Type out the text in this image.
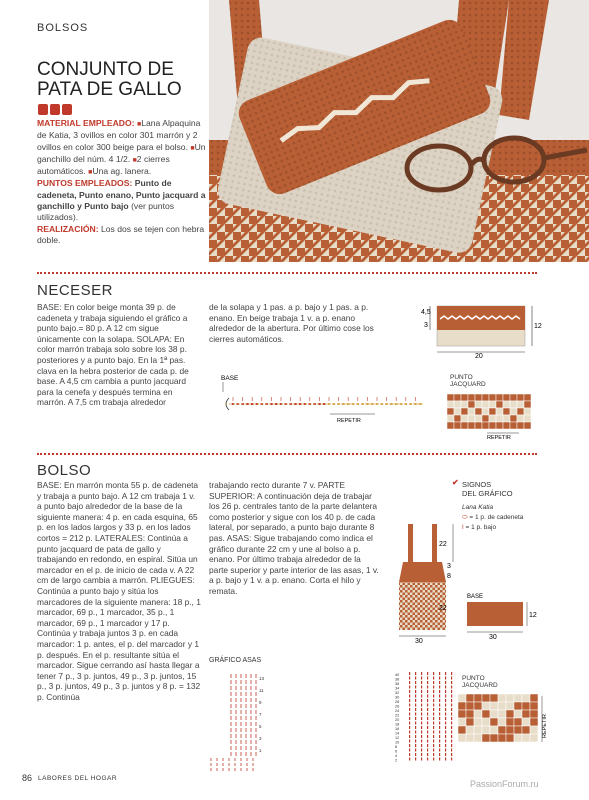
BOLSOS
CONJUNTO DE
PATA DE GALLO
MATERIAL EMPLEADO: ■Lana Alpaquina de Katia, 3 ovillos en color 301 marrón y 2 ovillos en color 300 beige para el bolso. ■Un ganchillo del núm. 4 1/2. ■2 cierres automáticos. ■Una ag. lanera.
PUNTOS EMPLEADOS: Punto de cadeneta, Punto enano, Punto jacquard a ganchillo y Punto bajo (ver puntos utilizados).
REALIZACIÓN: Los dos se tejen con hebra doble.
NECESER
BASE: En color beige monta 39 p. de cadeneta y trabaja siguiendo el gráfico a punto bajo.= 80 p. A 12 cm sigue únicamente con la solapa. SOLAPA: En color marrón trabaja solo sobre los 38 p. posteriores y a punto bajo. En la 1ª pas. clava en la hebra posterior de cada p. de base. A 4,5 cm cambia a punto jacquard para la cenefa y después termina en marrón. A 7,5 cm trabaja alrededor
de la solapa y 1 pas. a p. bajo y 1 pas. a p. enano. En beige trabaja 1 v. a p. enano alrededor de la abertura. Por último cose los cierres automáticos.
4,5
3	12
20
BASE
REPETIR
PUNTO
JACQUARD
REPETIR
BOLSO
BASE: En marrón monta 55 p. de cadeneta y trabaja a punto bajo. A 12 cm trabaja 1 v. a punto bajo alrededor de la base de la siguiente manera: 4 p. en cada esquina, 65 p. en los lados largos y 33 p. en los lados cortos = 212 p. LATERALES: Continúa a punto jacquard de pata de gallo y trabajando en redondo, en espiral. Sitúa un marcador en el p. de inicio de cada v. A 22 cm de largo cambia a marrón. PLIEGUES: Continúa a punto bajo y sitúa los marcadores de la siguiente manera: 18 p., 1 marcador, 69 p., 1 marcador, 35 p., 1 marcador, 69 p., 1 marcador y 17 p. Continúa y trabaja juntos 3 p. en cada marcador: 1 p. antes, el p. del marcador y 1 p. después. En el p. resultante sitúa el marcador. Sigue cerrando así hasta llegar a tener 7 p., 3 p. juntos, 49 p., 3 p. juntos, 15 p., 3 p. juntos, 49 p., 3 p. juntos y 8 p. = 132 p. Continúa
trabajando recto durante 7 v. PARTE SUPERIOR: A continuación deja de trabajar los 26 p. centrales tanto de la parte delantera como posterior y sigue con los 40 p. de cada lateral, por separado, a punto bajo durante 8 pas. ASAS: Sigue trabajando como indica el gráfico durante 22 cm y une al bolso a p. enano. Por último trabaja alrededor de la parte superior y parte interior de las asas, 1 v. a p. bajo y 1 v. a p. enano. Corta el hilo y remata.
✔ SIGNOS
DEL GRÁFICO
Lana Katia
⬭ = 1 p. de cadeneta
ǀ = 1 p. bajo
22
3
8
22
30
BASE
12
30
GRÁFICO ASAS
13
11
9
7
5
3
1
40
38
36
34
32
30
28
26
24
22
20
18
16
14
12
10
8
6
4
2
PUNTO
JACQUARD
REPETIR
86 LABORES DEL HOGAR
PassionForum.ru
